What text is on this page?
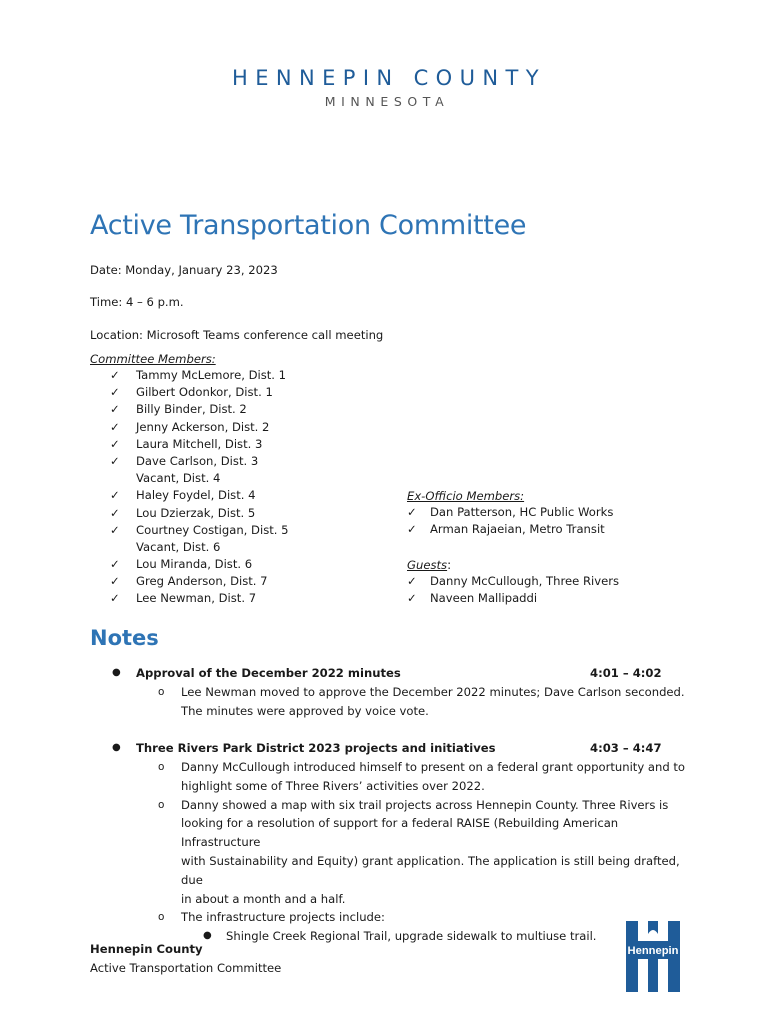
HENNEPIN COUNTY
MINNESOTA
Active Transportation Committee
Date: Monday, January 23, 2023
Time: 4 – 6 p.m.
Location: Microsoft Teams conference call meeting
Committee Members:
✓ Tammy McLemore, Dist. 1
✓ Gilbert Odonkor, Dist. 1
✓ Billy Binder, Dist. 2
✓ Jenny Ackerson, Dist. 2
✓ Laura Mitchell, Dist. 3
✓ Dave Carlson, Dist. 3
Vacant, Dist. 4
✓ Haley Foydel, Dist. 4
✓ Lou Dzierzak, Dist. 5
✓ Courtney Costigan, Dist. 5
Vacant, Dist. 6
✓ Lou Miranda, Dist. 6
✓ Greg Anderson, Dist. 7
✓ Lee Newman, Dist. 7
Ex-Officio Members:
✓ Dan Patterson, HC Public Works
✓ Arman Rajaeian, Metro Transit
Guests:
✓ Danny McCullough, Three Rivers
✓ Naveen Mallipaddi
Notes
● Approval of the December 2022 minutes	4:01 – 4:02
o Lee Newman moved to approve the December 2022 minutes; Dave Carlson seconded.
The minutes were approved by voice vote.
● Three Rivers Park District 2023 projects and initiatives	4:03 – 4:47
o Danny McCullough introduced himself to present on a federal grant opportunity and to
highlight some of Three Rivers’ activities over 2022.
o Danny showed a map with six trail projects across Hennepin County. Three Rivers is
looking for a resolution of support for a federal RAISE (Rebuilding American Infrastructure
with Sustainability and Equity) grant application. The application is still being drafted, due
in about a month and a half.
o The infrastructure projects include:
● Shingle Creek Regional Trail, upgrade sidewalk to multiuse trail.
Hennepin County
Active Transportation Committee
Hennepin
